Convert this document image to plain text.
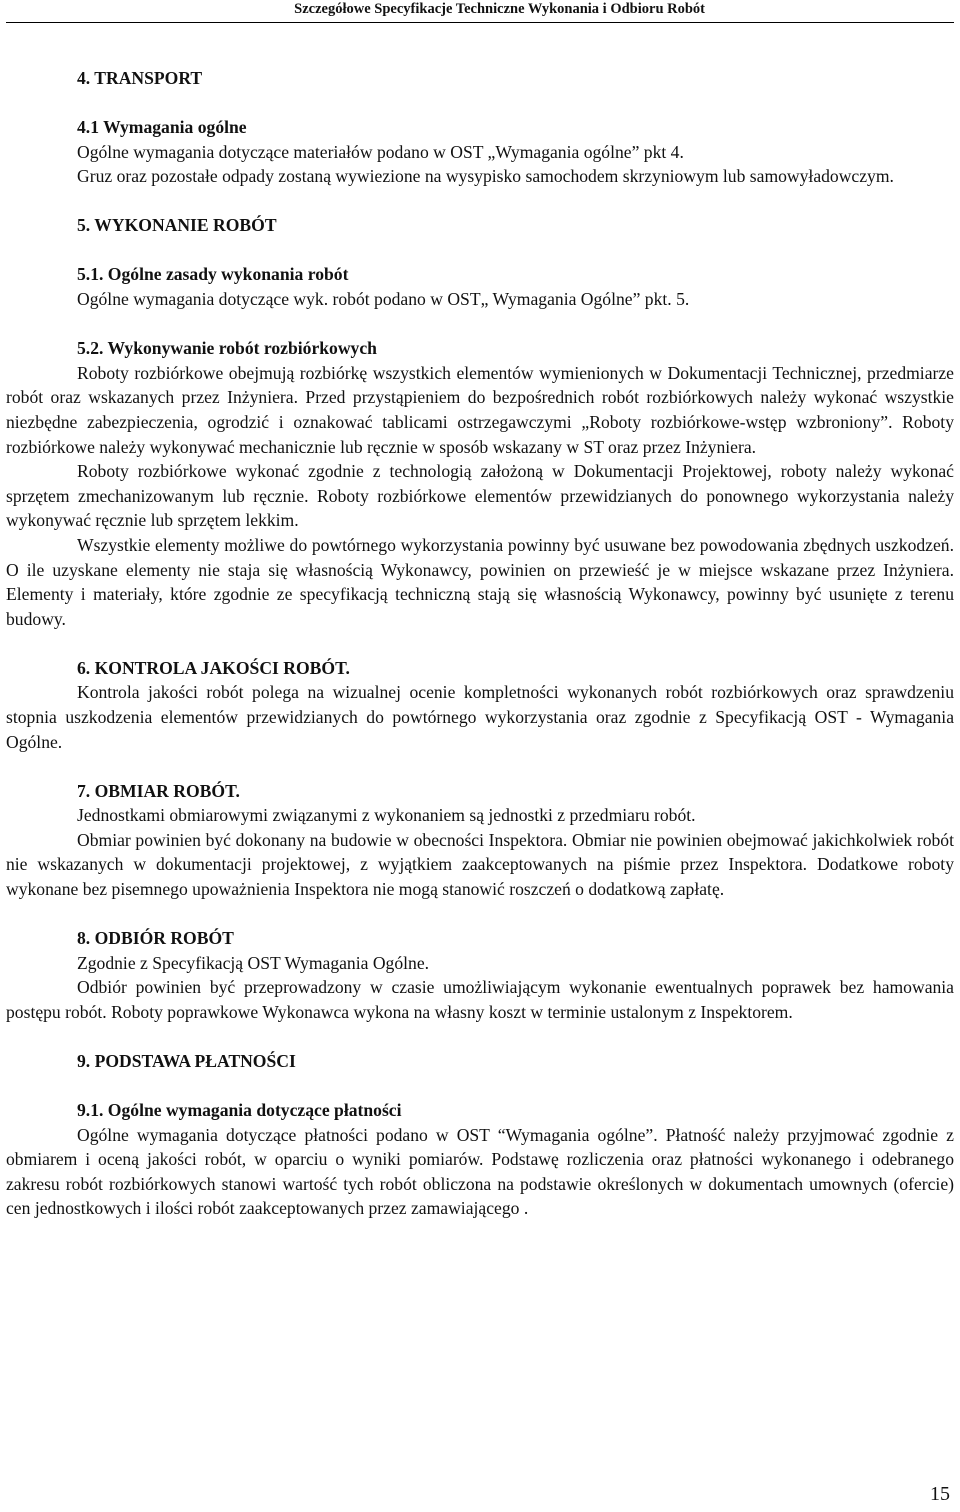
Szczegółowe Specyfikacje Techniczne Wykonania i Odbioru Robót

4. TRANSPORT

4.1 Wymagania ogólne

Ogólne wymagania dotyczące materiałów podano w OST „Wymagania ogólne” pkt 4.

Gruz oraz pozostałe odpady zostaną wywiezione na wysypisko samochodem skrzyniowym lub samowyładowczym.

5. WYKONANIE ROBÓT

5.1. Ogólne zasady wykonania robót

Ogólne wymagania dotyczące wyk. robót podano w OST„ Wymagania Ogólne” pkt. 5.

5.2. Wykonywanie robót rozbiórkowych

Roboty rozbiórkowe obejmują rozbiórkę wszystkich elementów wymienionych w Dokumentacji Technicznej, przedmiarze robót oraz wskazanych przez Inżyniera. Przed przystąpieniem do bezpośrednich robót rozbiórkowych należy wykonać wszystkie niezbędne zabezpieczenia, ogrodzić i oznakować tablicami ostrzegawczymi „Roboty rozbiórkowe-wstęp wzbroniony”. Roboty rozbiórkowe należy wykonywać mechanicznie lub ręcznie w sposób wskazany w ST oraz przez Inżyniera.

Roboty rozbiórkowe wykonać zgodnie z technologią założoną w Dokumentacji Projektowej, roboty należy wykonać sprzętem zmechanizowanym lub ręcznie. Roboty rozbiórkowe elementów przewidzianych do ponownego wykorzystania należy wykonywać ręcznie lub sprzętem lekkim.

Wszystkie elementy możliwe do powtórnego wykorzystania powinny być usuwane bez powodowania zbędnych uszkodzeń. O ile uzyskane elementy nie staja się własnością Wykonawcy, powinien on przewieść je w miejsce wskazane przez Inżyniera. Elementy i materiały, które zgodnie ze specyfikacją techniczną stają się własnością Wykonawcy, powinny być usunięte z terenu budowy.

6. KONTROLA JAKOŚCI ROBÓT.

Kontrola jakości robót polega na wizualnej ocenie kompletności wykonanych robót rozbiórkowych oraz sprawdzeniu stopnia uszkodzenia elementów przewidzianych do powtórnego wykorzystania oraz zgodnie z Specyfikacją OST - Wymagania Ogólne.

7. OBMIAR ROBÓT.

Jednostkami obmiarowymi związanymi z wykonaniem są jednostki z przedmiaru robót.

Obmiar powinien być dokonany na budowie w obecności Inspektora. Obmiar nie powinien obejmować jakichkolwiek robót nie wskazanych w dokumentacji projektowej, z wyjątkiem zaakceptowanych na piśmie przez Inspektora. Dodatkowe roboty wykonane bez pisemnego upoważnienia Inspektora nie mogą stanowić roszczeń o dodatkową zapłatę.

8. ODBIÓR ROBÓT

Zgodnie z Specyfikacją OST Wymagania Ogólne.

Odbiór powinien być przeprowadzony w czasie umożliwiającym wykonanie ewentualnych poprawek bez hamowania postępu robót. Roboty poprawkowe Wykonawca wykona na własny koszt w terminie ustalonym z Inspektorem.

9. PODSTAWA PŁATNOŚCI

9.1. Ogólne wymagania dotyczące płatności

Ogólne wymagania dotyczące płatności podano w OST “Wymagania ogólne”. Płatność należy przyjmować zgodnie z obmiarem i oceną jakości robót, w oparciu o wyniki pomiarów. Podstawę rozliczenia oraz płatności wykonanego i odebranego zakresu robót rozbiórkowych stanowi wartość tych robót obliczona na podstawie określonych w dokumentach umownych (ofercie) cen jednostkowych i ilości robót zaakceptowanych przez zamawiającego .

15
